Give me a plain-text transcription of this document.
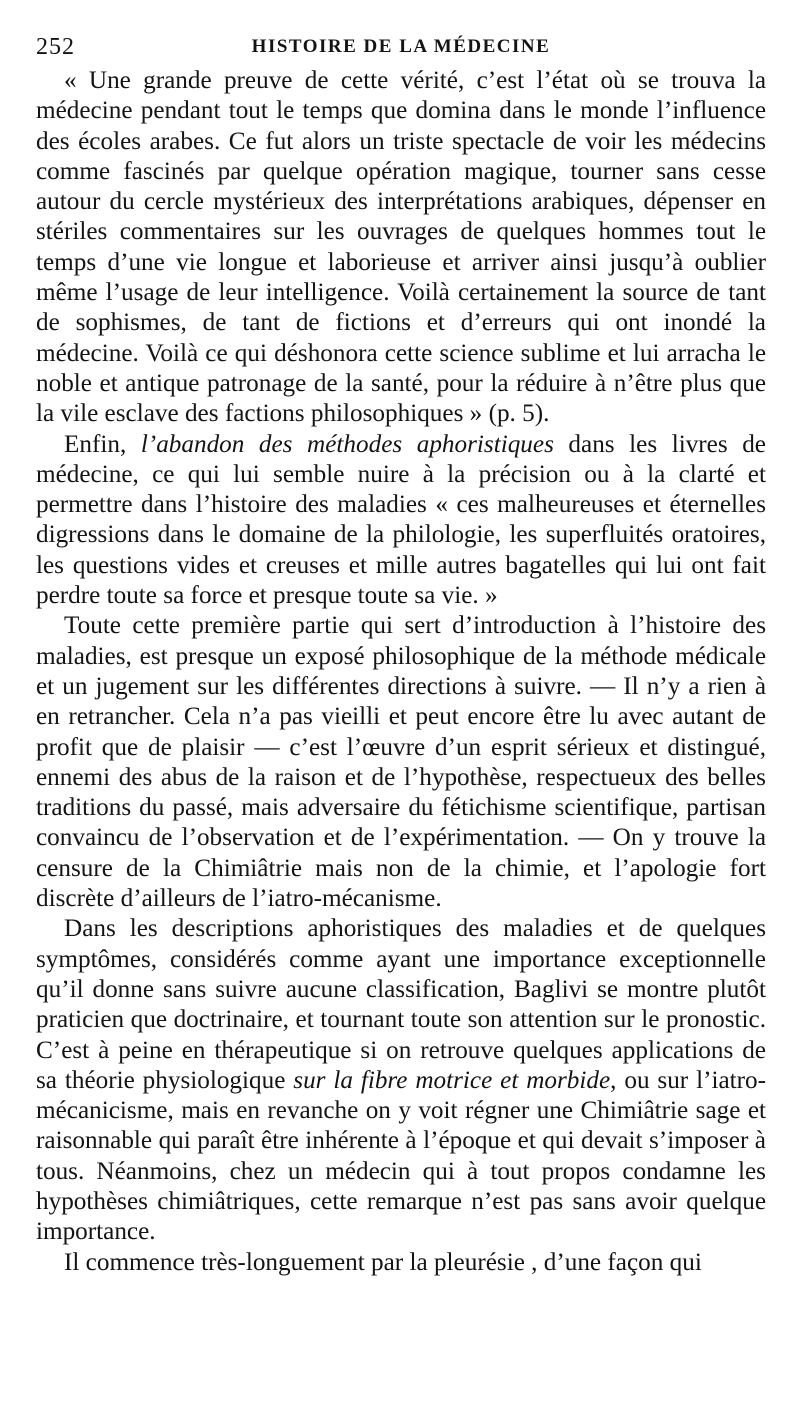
252	HISTOIRE DE LA MÉDECINE

« Une grande preuve de cette vérité, c’est l’état où se trouva la médecine pendant tout le temps que domina dans le monde l’influence des écoles arabes. Ce fut alors un triste spectacle de voir les médecins comme fascinés par quelque opération magique, tourner sans cesse autour du cercle mystérieux des interprétations arabiques, dépenser en stériles commentaires sur les ouvrages de quelques hommes tout le temps d’une vie longue et laborieuse et arriver ainsi jusqu’à oublier même l’usage de leur intelligence. Voilà certainement la source de tant de sophismes, de tant de fictions et d’erreurs qui ont inondé la médecine. Voilà ce qui déshonora cette science sublime et lui arracha le noble et antique patronage de la santé, pour la réduire à n’être plus que la vile esclave des factions philosophiques » (p. 5).

Enfin, l’abandon des méthodes aphoristiques dans les livres de médecine, ce qui lui semble nuire à la précision ou à la clarté et permettre dans l’histoire des maladies « ces malheureuses et éternelles digressions dans le domaine de la philologie, les superfluités oratoires, les questions vides et creuses et mille autres bagatelles qui lui ont fait perdre toute sa force et presque toute sa vie. »

Toute cette première partie qui sert d’introduction à l’histoire des maladies, est presque un exposé philosophique de la méthode médicale et un jugement sur les différentes directions à suivre. — Il n’y a rien à en retrancher. Cela n’a pas vieilli et peut encore être lu avec autant de profit que de plaisir — c’est l’œuvre d’un esprit sérieux et distingué, ennemi des abus de la raison et de l’hypothèse, respectueux des belles traditions du passé, mais adversaire du fétichisme scientifique, partisan convaincu de l’observation et de l’expérimentation. — On y trouve la censure de la Chimiâtrie mais non de la chimie, et l’apologie fort discrète d’ailleurs de l’iatro-mécanisme.

Dans les descriptions aphoristiques des maladies et de quelques symptômes, considérés comme ayant une importance exceptionnelle qu’il donne sans suivre aucune classification, Baglivi se montre plutôt praticien que doctrinaire, et tournant toute son attention sur le pronostic. C’est à peine en thérapeutique si on retrouve quelques applications de sa théorie physiologique sur la fibre motrice et morbide, ou sur l’iatro-mécanicisme, mais en revanche on y voit régner une Chimiâtrie sage et raisonnable qui paraît être inhérente à l’époque et qui devait s’imposer à tous. Néanmoins, chez un médecin qui à tout propos condamne les hypothèses chimiâtriques, cette remarque n’est pas sans avoir quelque importance.

Il commence très-longuement par la pleurésie , d’une façon qui
